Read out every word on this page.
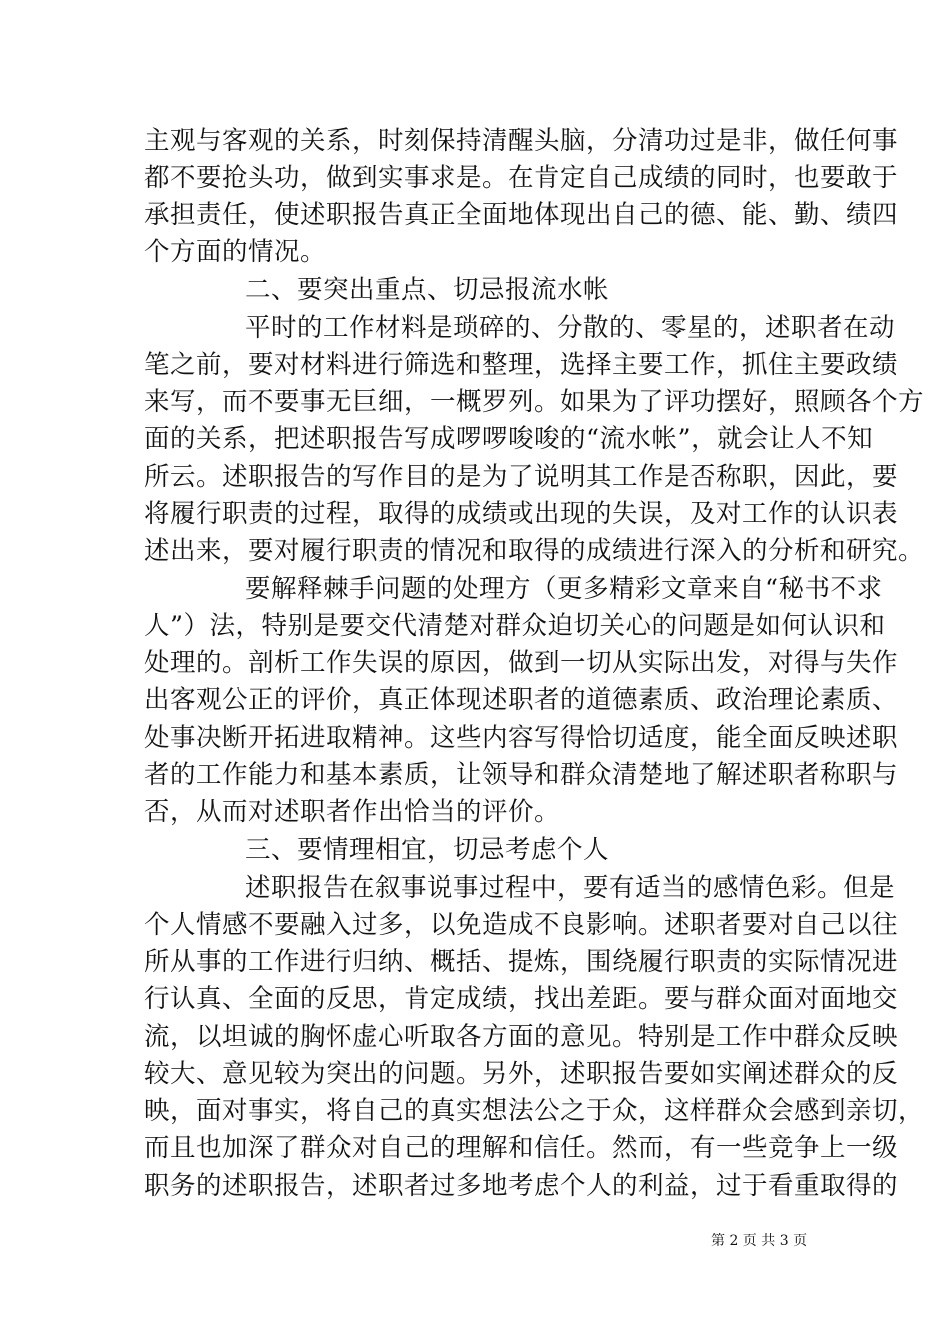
主观与客观的关系，时刻保持清醒头脑，分清功过是非，做任何事
都不要抢头功，做到实事求是。在肯定自己成绩的同时，也要敢于
承担责任，使述职报告真正全面地体现出自己的德、能、勤、绩四
个方面的情况。
二、要突出重点、切忌报流水帐
平时的工作材料是琐碎的、分散的、零星的，述职者在动
笔之前，要对材料进行筛选和整理，选择主要工作，抓住主要政绩
来写，而不要事无巨细，一概罗列。如果为了评功摆好，照顾各个方
面的关系，把述职报告写成啰啰唆唆的“流水帐”，就会让人不知
所云。述职报告的写作目的是为了说明其工作是否称职，因此，要
将履行职责的过程，取得的成绩或出现的失误，及对工作的认识表
述出来，要对履行职责的情况和取得的成绩进行深入的分析和研究。
要解释棘手问题的处理方（更多精彩文章来自“秘书不求
人”）法，特别是要交代清楚对群众迫切关心的问题是如何认识和
处理的。剖析工作失误的原因，做到一切从实际出发，对得与失作
出客观公正的评价，真正体现述职者的道德素质、政治理论素质、
处事决断开拓进取精神。这些内容写得恰切适度，能全面反映述职
者的工作能力和基本素质，让领导和群众清楚地了解述职者称职与
否，从而对述职者作出恰当的评价。
三、要情理相宜，切忌考虑个人
述职报告在叙事说事过程中，要有适当的感情色彩。但是
个人情感不要融入过多，以免造成不良影响。述职者要对自己以往
所从事的工作进行归纳、概括、提炼，围绕履行职责的实际情况进
行认真、全面的反思，肯定成绩，找出差距。要与群众面对面地交
流，以坦诚的胸怀虚心听取各方面的意见。特别是工作中群众反映
较大、意见较为突出的问题。另外，述职报告要如实阐述群众的反
映，面对事实，将自己的真实想法公之于众，这样群众会感到亲切，
而且也加深了群众对自己的理解和信任。然而，有一些竞争上一级
职务的述职报告，述职者过多地考虑个人的利益，过于看重取得的
第 2 页 共 3 页
